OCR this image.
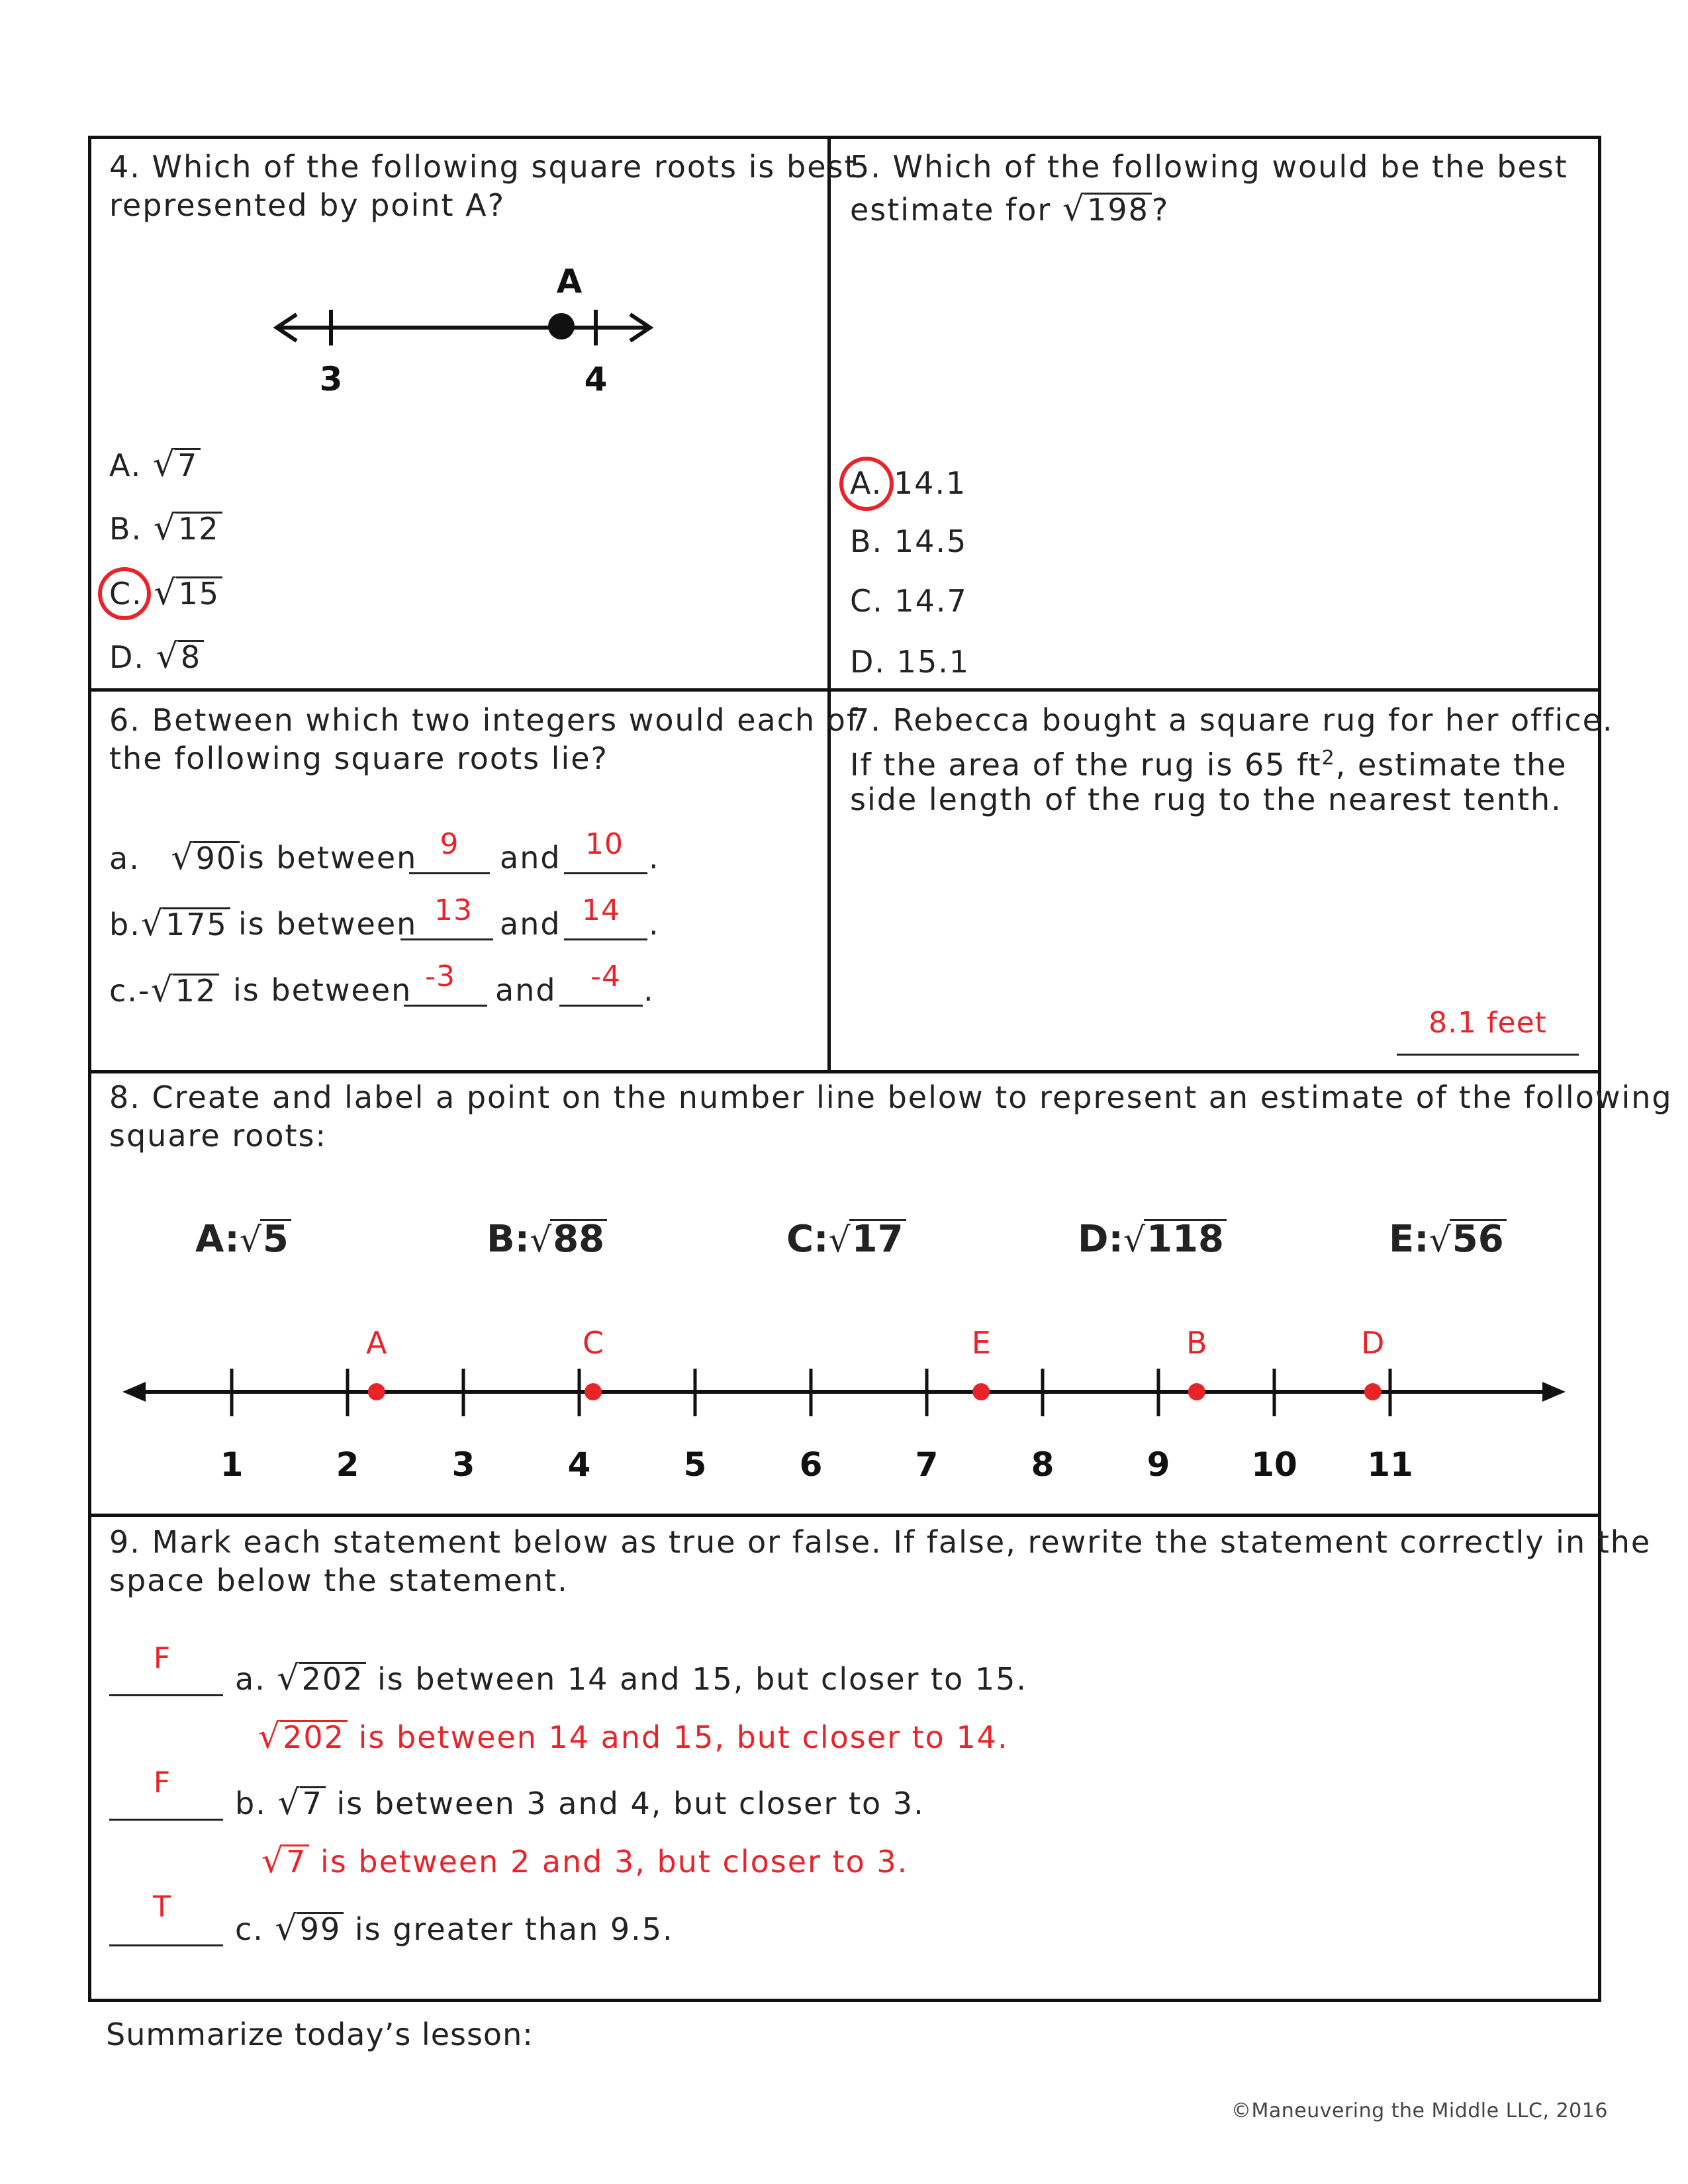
4. Which of the following square roots is best
represented by point A?
A
3	4
A. √7
B. √12
C. √15
D. √8
5. Which of the following would be the best
estimate for √198?
A. 14.1
B. 14.5
C. 14.7
D. 15.1
6. Between which two integers would each of
the following square roots lie?
a. √90 is between 9	and 10 .
b.√175 is between 13 and 14 .
c.-√12 is between -3	and	-4 .
7. Rebecca bought a square rug for her office.
If the area of the rug is 65 $ft^2$, estimate the
side length of the rug to the nearest tenth.
8.1 feet
8. Create and label a point on the number line below to represent an estimate of the following
square roots:
A:√5	B:√88	C:√17	D:√118	E:√56
1	2	3	4	5	6	7	8	9 10 11
A	C	E	B	D
9. Mark each statement below as true or false. If false, rewrite the statement correctly in the
space below the statement.
F
a. √202 is between 14 and 15, but closer to 15.
√202 is between 14 and 15, but closer to 14.
F
b. √7 is between 3 and 4, but closer to 3.
√7 is between 2 and 3, but closer to 3.
T
c. √99 is greater than 9.5.
Summarize today’s lesson:
©Maneuvering the Middle LLC, 2016
